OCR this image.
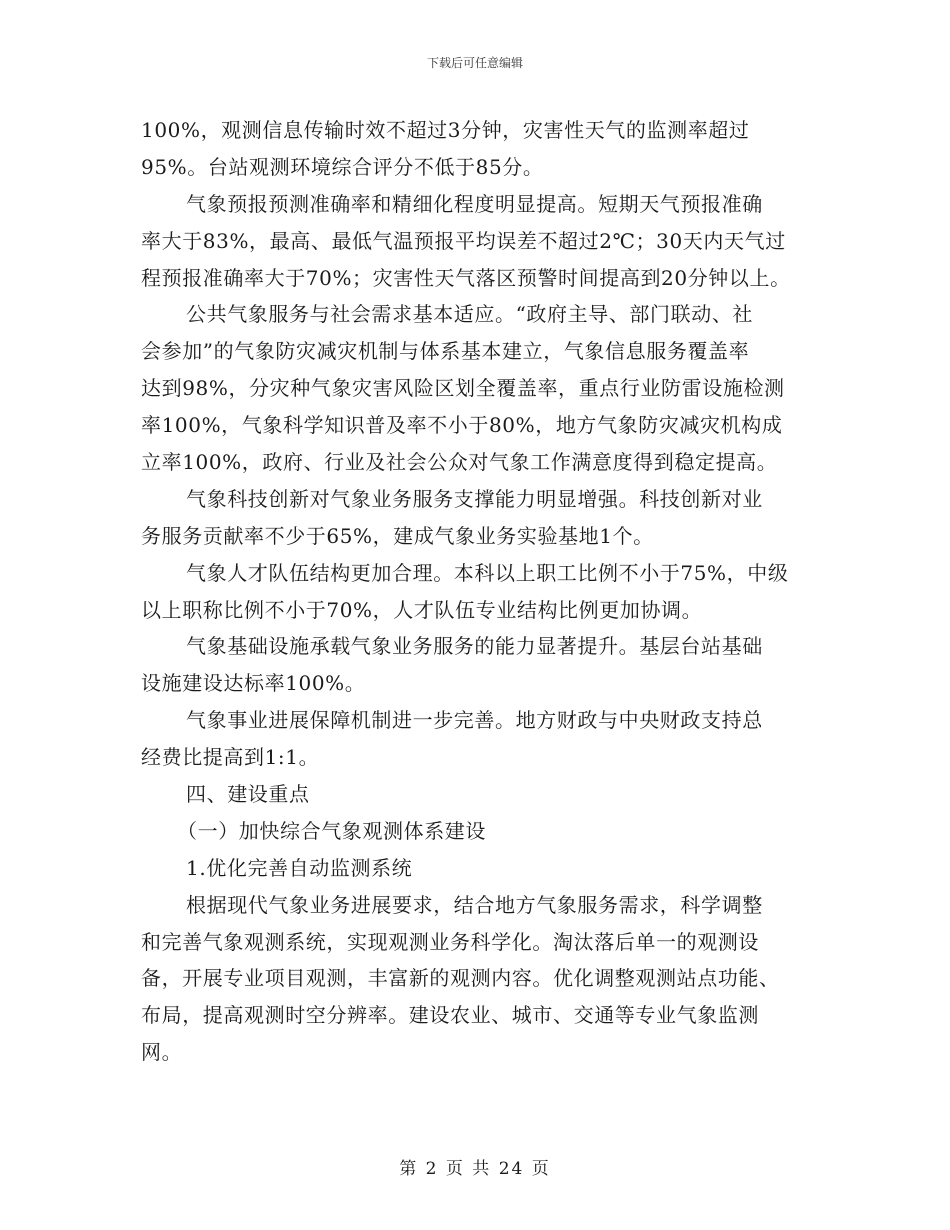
下载后可任意编辑
100%，观测信息传输时效不超过3分钟，灾害性天气的监测率超过
95%。台站观测环境综合评分不低于85分。
气象预报预测准确率和精细化程度明显提高。短期天气预报准确
率大于83%，最高、最低气温预报平均误差不超过2℃；30天内天气过
程预报准确率大于70%；灾害性天气落区预警时间提高到20分钟以上。
公共气象服务与社会需求基本适应。“政府主导、部门联动、社
会参加”的气象防灾减灾机制与体系基本建立，气象信息服务覆盖率
达到98%，分灾种气象灾害风险区划全覆盖率，重点行业防雷设施检测
率100%，气象科学知识普及率不小于80%，地方气象防灾减灾机构成
立率100%，政府、行业及社会公众对气象工作满意度得到稳定提高。
气象科技创新对气象业务服务支撑能力明显增强。科技创新对业
务服务贡献率不少于65%，建成气象业务实验基地1个。
气象人才队伍结构更加合理。本科以上职工比例不小于75%，中级
以上职称比例不小于70%，人才队伍专业结构比例更加协调。
气象基础设施承载气象业务服务的能力显著提升。基层台站基础
设施建设达标率100%。
气象事业进展保障机制进一步完善。地方财政与中央财政支持总
经费比提高到1:1。
四、建设重点
（一）加快综合气象观测体系建设
1.优化完善自动监测系统
根据现代气象业务进展要求，结合地方气象服务需求，科学调整
和完善气象观测系统，实现观测业务科学化。淘汰落后单一的观测设
备，开展专业项目观测，丰富新的观测内容。优化调整观测站点功能、
布局，提高观测时空分辨率。建设农业、城市、交通等专业气象监测
网。
第 2 页 共 24 页
